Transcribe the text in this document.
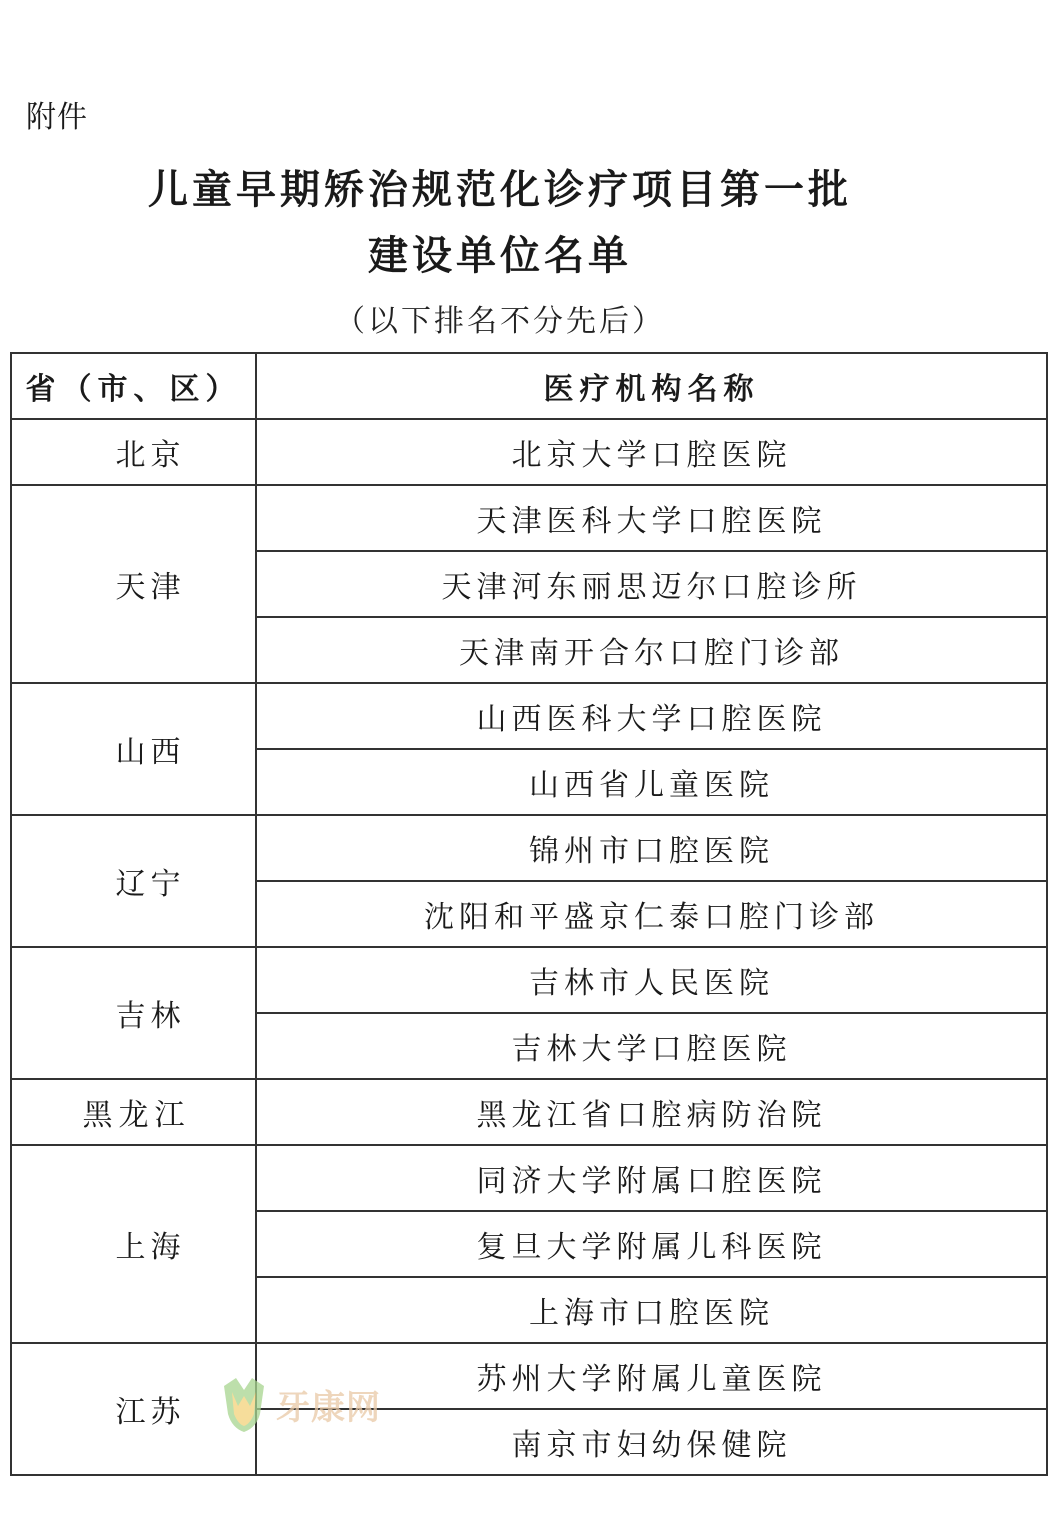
附件
儿童早期矫治规范化诊疗项目第一批
建设单位名单
（以下排名不分先后）
省（市、区）	医疗机构名称
北京	北京大学口腔医院
天津	天津医科大学口腔医院
	天津河东丽思迈尔口腔诊所
	天津南开合尔口腔门诊部
山西	山西医科大学口腔医院
	山西省儿童医院
辽宁	锦州市口腔医院
	沈阳和平盛京仁泰口腔门诊部
吉林	吉林市人民医院
	吉林大学口腔医院
黑龙江	黑龙江省口腔病防治院
上海	同济大学附属口腔医院
	复旦大学附属儿科医院
	上海市口腔医院
江苏	苏州大学附属儿童医院
	南京市妇幼保健院
牙康网
